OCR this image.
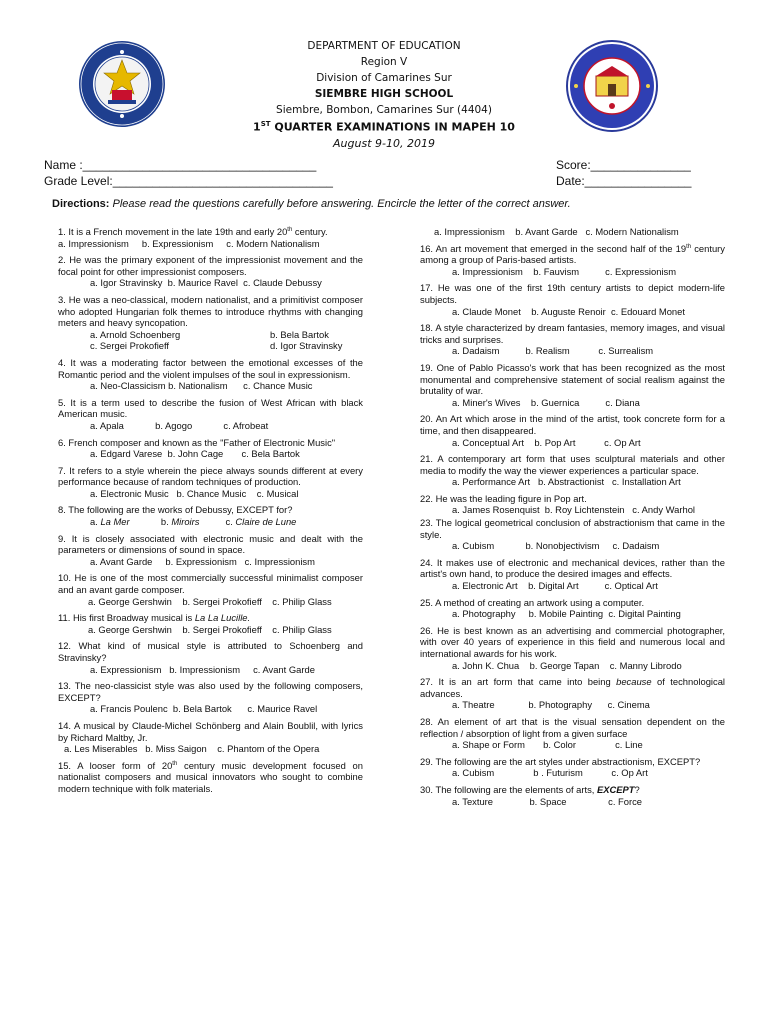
DEPARTMENT OF EDUCATION
Region V
Division of Camarines Sur
SIEMBRE HIGH SCHOOL
Siembre, Bombon, Camarines Sur (4404)
1ST QUARTER EXAMINATIONS IN MAPEH 10
August 9-10, 2019
Name :___________________________________
Grade Level:_________________________________
Score:_______________
Date:________________
Directions: Please read the questions carefully before answering. Encircle the letter of the correct answer.
1. It is a French movement in the late 19th and early 20th century.
a. Impressionism     b. Expressionism     c. Modern Nationalism
2. He was the primary exponent of the impressionist movement and the focal point for other impressionist composers.
a. Igor Stravinsky  b. Maurice Ravel  c. Claude Debussy
3. He was a neo-classical, modern nationalist, and a primitivist composer who adopted Hungarian folk themes to introduce rhythms with changing meters and heavy syncopation.
a. Arnold Schoenberg	b. Bela Bartok
c. Sergei Prokofieff	d. Igor Stravinsky
4. It was a moderating factor between the emotional excesses of the Romantic period and the violent impulses of the soul in expressionism.
a. Neo-Classicism b. Nationalism      c. Chance Music
5. It is a term used to describe the fusion of West African with black American music.
a. Apala            b. Agogo            c. Afrobeat
6. French composer and known as the "Father of Electronic Music"
a. Edgard Varese  b. John Cage       c. Bela Bartok
7. It refers to a style wherein the piece always sounds different at every performance because of random techniques of production.
a. Electronic Music   b. Chance Music    c. Musical
8. The following are the works of Debussy, EXCEPT for?
a. La Mer            b. Miroirs          c. Claire de Lune
9. It is closely associated with electronic music and dealt with the parameters or dimensions of sound in space.
a. Avant Garde     b. Expressionism   c. Impressionism
10. He is one of the most commercially successful minimalist composer and an avant garde composer.
a. George Gershwin    b. Sergei Prokofieff    c. Philip Glass
11. His first Broadway musical is La La Lucille.
a. George Gershwin    b. Sergei Prokofieff    c. Philip Glass
12. What kind of musical style is attributed to Schoenberg and Stravinsky?
a. Expressionism   b. Impressionism     c. Avant Garde
13. The neo-classicist style was also used by the following composers, EXCEPT?
a. Francis Poulenc  b. Bela Bartok      c. Maurice Ravel
14. A musical by Claude-Michel Schönberg and Alain Boublil, with lyrics by Richard Maltby, Jr.
a. Les Miserables   b. Miss Saigon    c. Phantom of the Opera
15. A looser form of 20th century music development focused on nationalist composers and musical innovators who sought to combine modern technique with folk materials.
a. Impressionism    b. Avant Garde   c. Modern Nationalism
16. An art movement that emerged in the second half of the 19th century among a group of Paris-based artists.
a. Impressionism    b. Fauvism          c. Expressionism
17. He was one of the first 19th century artists to depict modern-life subjects.
a. Claude Monet    b. Auguste Renoir  c. Edouard Monet
18. A style characterized by dream fantasies, memory images, and visual tricks and surprises.
a. Dadaism          b. Realism           c. Surrealism
19. One of Pablo Picasso's work that has been recognized as the most monumental and comprehensive statement of social realism against the brutality of war.
a. Miner's Wives    b. Guernica          c. Diana
20. An Art which arose in the mind of the artist, took concrete form for a time, and then disappeared.
a. Conceptual Art    b. Pop Art           c. Op Art
21. A contemporary art form that uses sculptural materials and other media to modify the way the viewer experiences a particular space.
a. Performance Art   b. Abstractionist   c. Installation Art
22. He was the leading figure in Pop art.
a. James Rosenquist  b. Roy Lichtenstein   c. Andy Warhol
23. The logical geometrical conclusion of abstractionism that came in the style.
a. Cubism            b. Nonobjectivism     c. Dadaism
24. It makes use of electronic and mechanical devices, rather than the artist's own hand, to produce the desired images and effects.
a. Electronic Art    b. Digital Art          c. Optical Art
25. A method of creating an artwork using a computer.
a. Photography     b. Mobile Painting  c. Digital Painting
26. He is best known as an advertising and commercial photographer, with over 40 years of experience in this field and numerous local and international awards for his work.
a. John K. Chua    b. George Tapan    c. Manny Librodo
27. It is an art form that came into being because of technological advances.
a. Theatre             b. Photography      c. Cinema
28. An element of art that is the visual sensation dependent on the reflection / absorption of light from a given surface
a. Shape or Form       b. Color               c. Line
29. The following are the art styles under abstractionism, EXCEPT?
a. Cubism               b . Futurism           c. Op Art
30. The following are the elements of arts, EXCEPT?
a. Texture              b. Space                c. Force
